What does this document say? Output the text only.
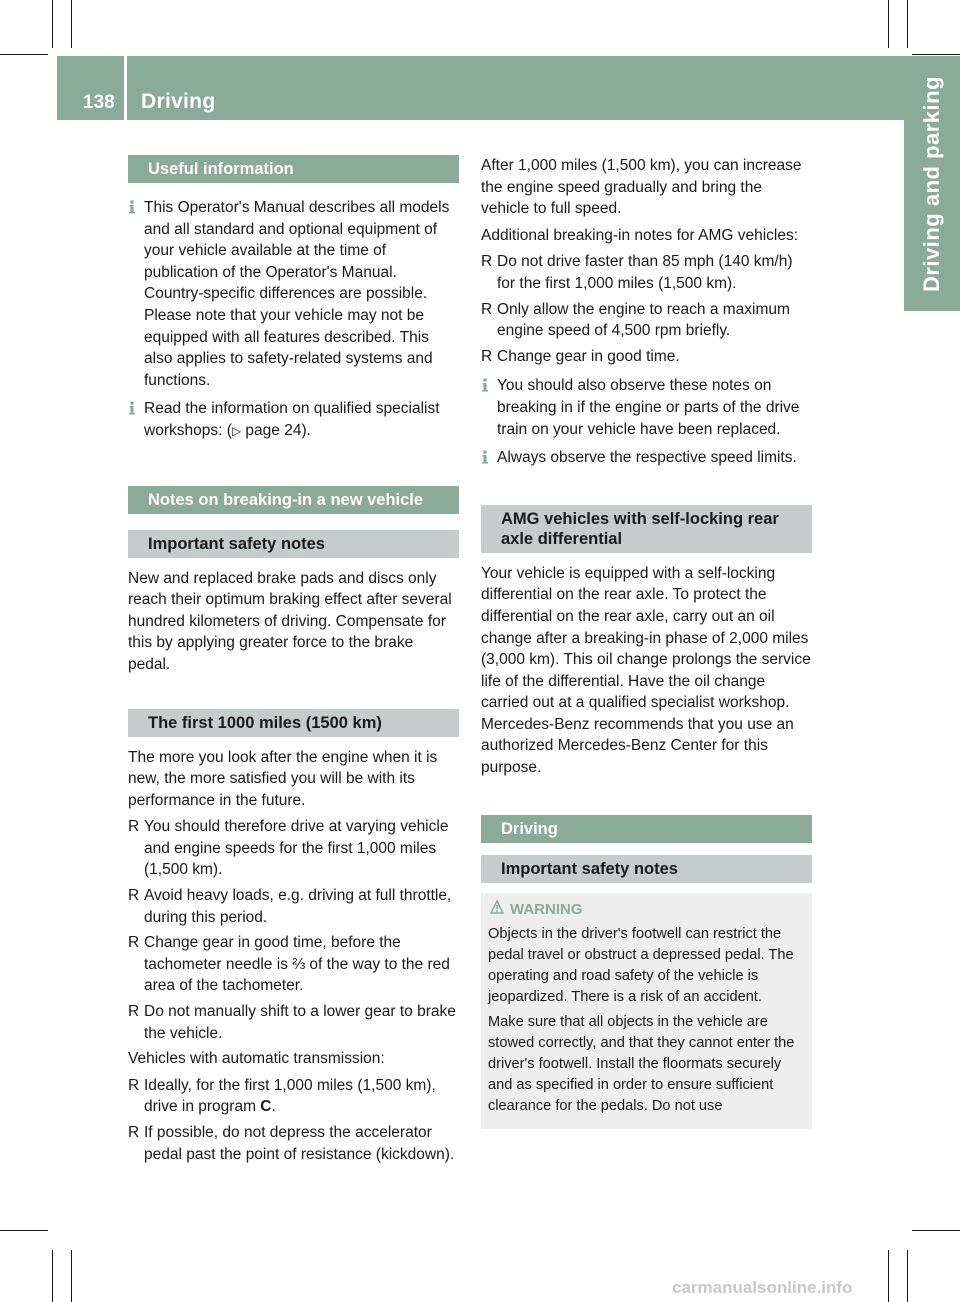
138 Driving	Driving and parking
Useful information
This Operator's Manual describes all models and all standard and optional equipment of your vehicle available at the time of publication of the Operator's Manual. Country-specific differences are possible. Please note that your vehicle may not be equipped with all features described. This also applies to safety-related systems and functions.
Read the information on qualified specialist workshops: (▷ page 24).
Notes on breaking-in a new vehicle
Important safety notes

New and replaced brake pads and discs only reach their optimum braking effect after several hundred kilometers of driving. Compensate for this by applying greater force to the brake pedal.

The first 1000 miles (1500 km)

The more you look after the engine when it is new, the more satisfied you will be with its performance in the future.

R You should therefore drive at varying vehicle and engine speeds for the first 1,000 miles (1,500 km).
R Avoid heavy loads, e.g. driving at full throttle, during this period.
R Change gear in good time, before the tachometer needle is ⅔ of the way to the red area of the tachometer.
R Do not manually shift to a lower gear to brake the vehicle.

Vehicles with automatic transmission:

R Ideally, for the first 1,000 miles (1,500 km), drive in program C.
R If possible, do not depress the accelerator pedal past the point of resistance (kickdown).

After 1,000 miles (1,500 km), you can increase the engine speed gradually and bring the vehicle to full speed.

Additional breaking-in notes for AMG vehicles:

R Do not drive faster than 85 mph (140 km/h) for the first 1,000 miles (1,500 km).
R Only allow the engine to reach a maximum engine speed of 4,500 rpm briefly.
R Change gear in good time.
You should also observe these notes on breaking in if the engine or parts of the drive train on your vehicle have been replaced.
Always observe the respective speed limits.
AMG vehicles with self-locking rear axle differential

Your vehicle is equipped with a self-locking differential on the rear axle. To protect the differential on the rear axle, carry out an oil change after a breaking-in phase of 2,000 miles (3,000 km). This oil change prolongs the service life of the differential. Have the oil change carried out at a qualified specialist workshop. Mercedes-Benz recommends that you use an authorized Mercedes-Benz Center for this purpose.

Driving
Important safety notes
WARNING

Objects in the driver's footwell can restrict the pedal travel or obstruct a depressed pedal. The operating and road safety of the vehicle is jeopardized. There is a risk of an accident.

Make sure that all objects in the vehicle are stowed correctly, and that they cannot enter the driver's footwell. Install the floormats securely and as specified in order to ensure sufficient clearance for the pedals. Do not use

carmanualsonline.info
